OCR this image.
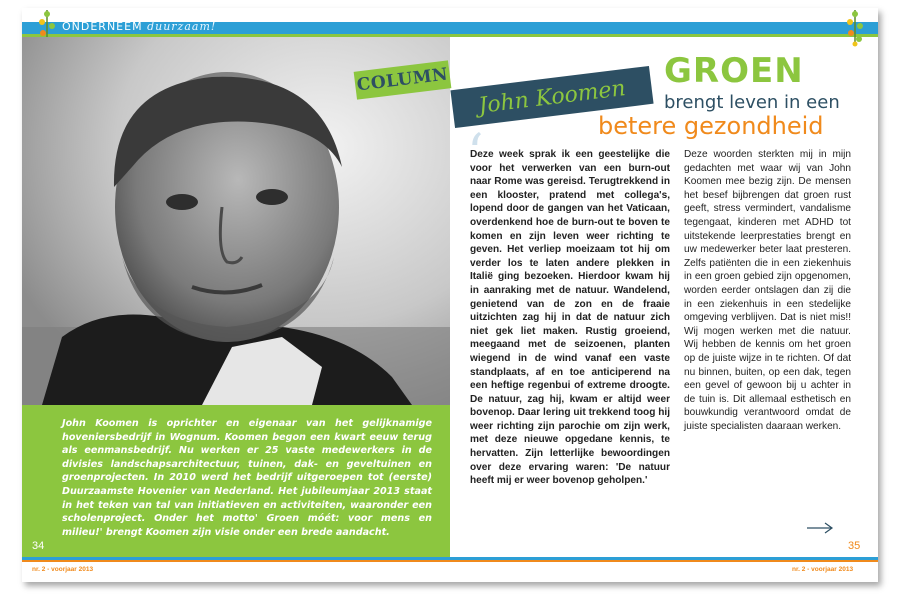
ONDERNEEM duurzaam!
John Koomen is oprichter en eigenaar van het gelijknamige hoveniersbedrijf in Wognum. Koomen begon een kwart eeuw terug als eenmansbedrijf. Nu werken er 25 vaste medewerkers in de divisies landschapsarchitectuur, tuinen, dak- en geveltuinen en groenprojecten. In 2010 werd het bedrijf uitgeroepen tot (eerste) Duurzaamste Hovenier van Nederland. Het jubileumjaar 2013 staat in het teken van tal van initiatieven en activiteiten, waaronder een scholenproject. Onder het motto' Groen móét: voor mens en milieu!' brengt Koomen zijn visie onder een brede aandacht.
34
COLUMN John Koomen
GROEN
brengt leven in een
betere gezondheid
‘
Deze week sprak ik een geestelijke die voor het verwerken van een burn-out naar Rome was gereisd. Terugtrekkend in een klooster, pratend met collega's, lopend door de gangen van het Vaticaan, overdenkend hoe de burn-out te boven te komen en zijn leven weer richting te geven. Het verliep moeizaam tot hij om verder los te laten andere plekken in Italië ging bezoeken. Hierdoor kwam hij in aanraking met de natuur. Wandelend, genietend van de zon en de fraaie uitzichten zag hij in dat de natuur zich niet gek liet maken. Rustig groeiend, meegaand met de seizoenen, planten wiegend in de wind vanaf een vaste standplaats, af en toe anticiperend na een heftige regenbui of extreme droogte. De natuur, zag hij, kwam er altijd weer bovenop. Daar lering uit trekkend toog hij weer richting zijn parochie om zijn werk, met deze nieuwe opgedane kennis, te hervatten. Zijn letterlijke bewoordingen over deze ervaring waren: 'De natuur heeft mij er weer bovenop geholpen.'
Deze woorden sterkten mij in mijn gedachten met waar wij van John Koomen mee bezig zijn. De mensen het besef bijbrengen dat groen rust geeft, stress vermindert, vandalisme tegengaat, kinderen met ADHD tot uitstekende leerprestaties brengt en uw medewerker beter laat presteren. Zelfs patiënten die in een ziekenhuis in een groen gebied zijn opgenomen, worden eerder ontslagen dan zij die in een ziekenhuis in een stedelijke omgeving verblijven. Dat is niet mis!! Wij mogen werken met die natuur. Wij hebben de kennis om het groen op de juiste wijze in te richten. Of dat nu binnen, buiten, op een dak, tegen een gevel of gewoon bij u achter in de tuin is. Dit allemaal esthetisch en bouwkundig verantwoord omdat de juiste specialisten daaraan werken.
35
nr. 2 - voorjaar 2013	nr. 2 - voorjaar 2013
